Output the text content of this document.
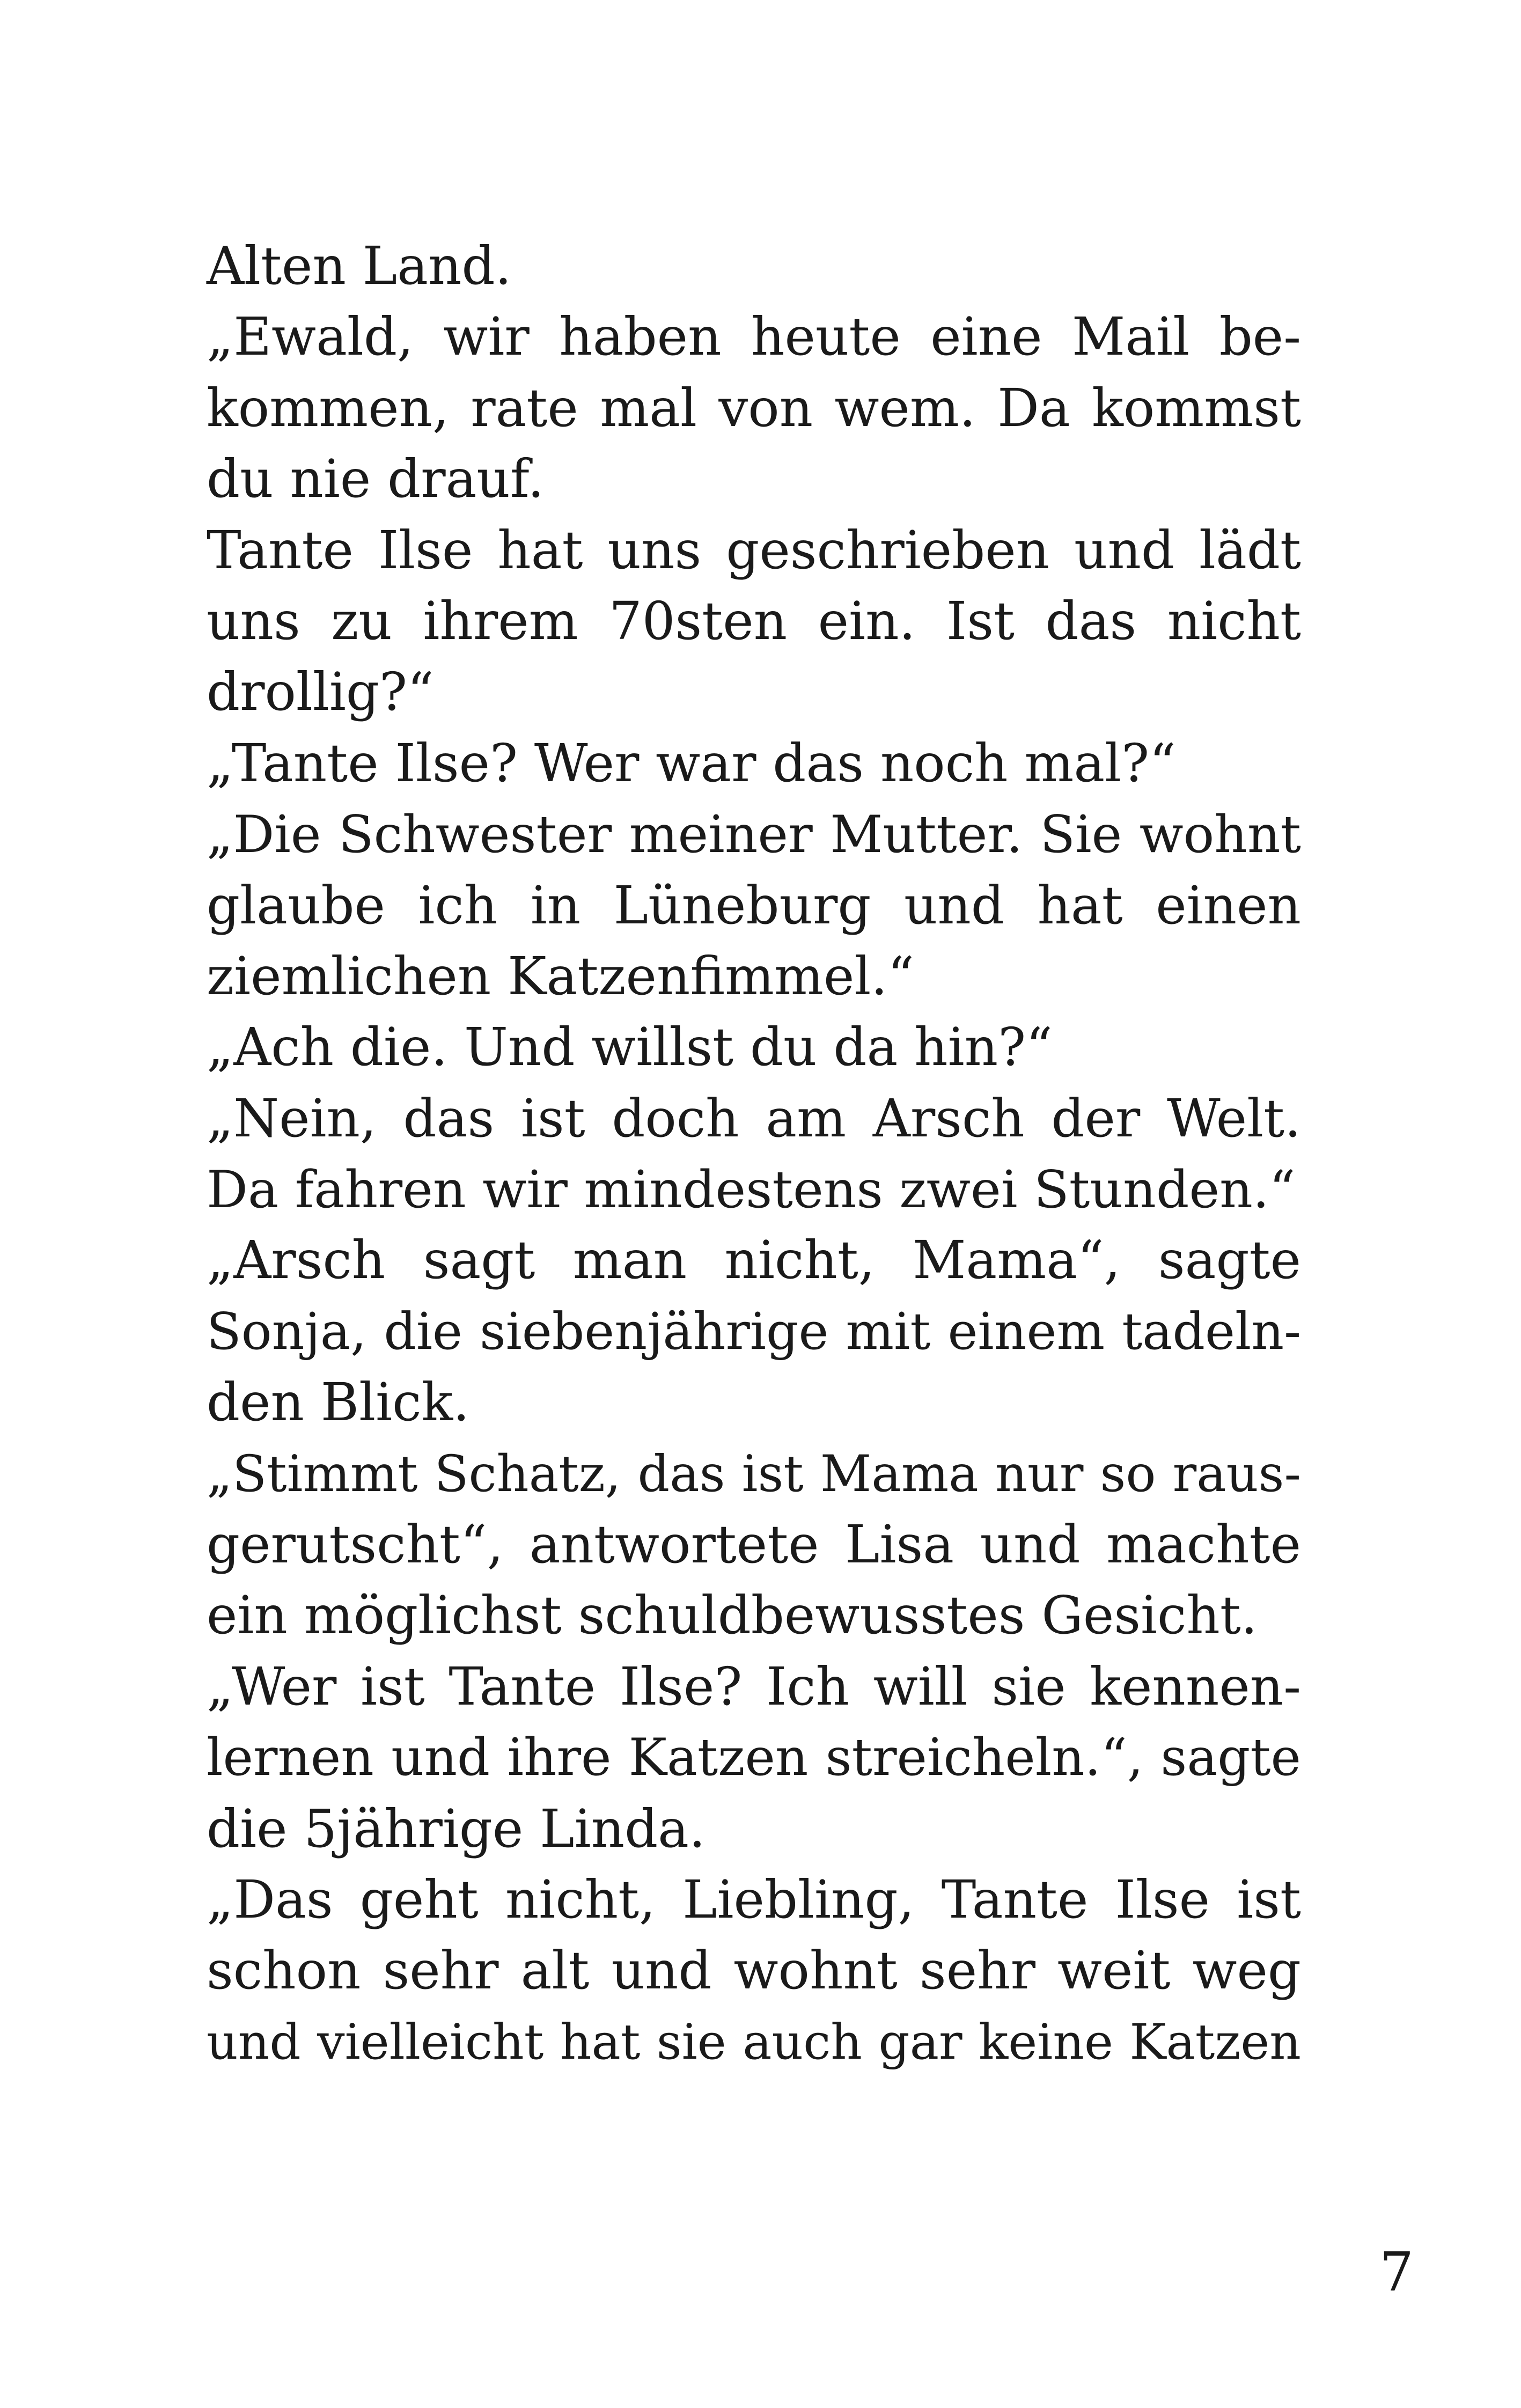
Alten Land.
„Ewald, wir haben heute eine Mail be-
kommen, rate mal von wem. Da kommst
du nie drauf.
Tante Ilse hat uns geschrieben und lädt
uns zu ihrem 70sten ein. Ist das nicht
drollig?“
„Tante Ilse? Wer war das noch mal?“
„Die Schwester meiner Mutter. Sie wohnt
glaube ich in Lüneburg und hat einen
ziemlichen Katzenfimmel.“
„Ach die. Und willst du da hin?“
„Nein, das ist doch am Arsch der Welt.
Da fahren wir mindestens zwei Stunden.“
„Arsch sagt man nicht, Mama“, sagte
Sonja, die siebenjährige mit einem tadeln-
den Blick.
„Stimmt Schatz, das ist Mama nur so raus-
gerutscht“, antwortete Lisa und machte
ein möglichst schuldbewusstes Gesicht.
„Wer ist Tante Ilse? Ich will sie kennen-
lernen und ihre Katzen streicheln.“, sagte
die 5jährige Linda.
„Das geht nicht, Liebling, Tante Ilse ist
schon sehr alt und wohnt sehr weit weg
und vielleicht hat sie auch gar keine Katzen
7
